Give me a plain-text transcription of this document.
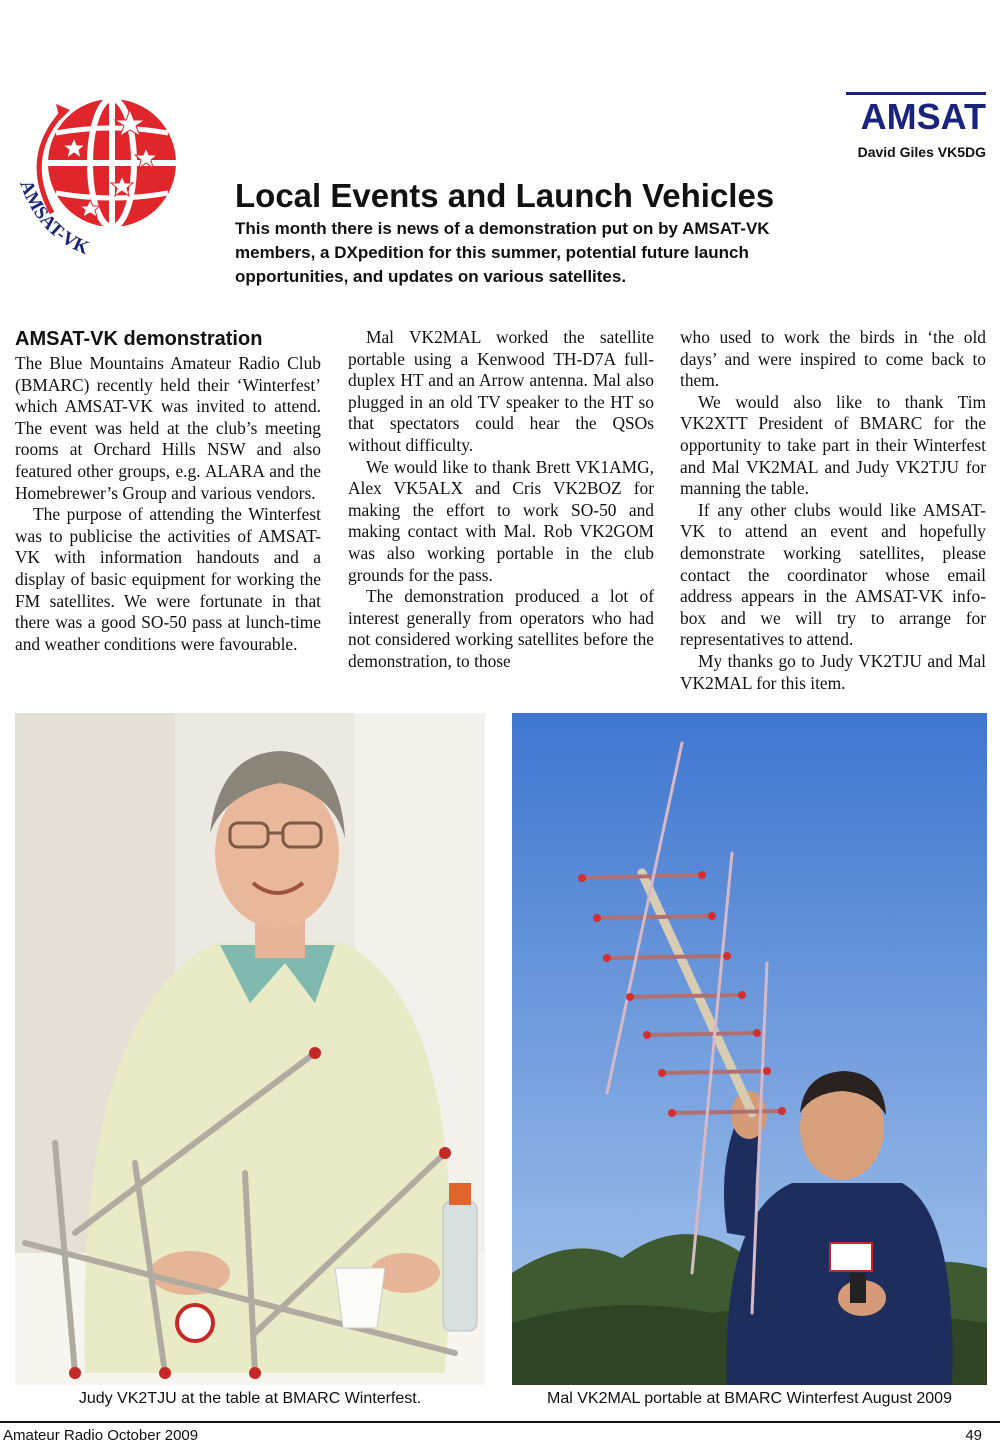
AMSAT-VK
AMSAT
David Giles VK5DG
Local Events and Launch Vehicles
This month there is news of a demonstration put on by AMSAT-VK members, a DXpedition for this summer, potential future launch opportunities, and updates on various satellites.
AMSAT-VK demonstration

The Blue Mountains Amateur Radio Club (BMARC) recently held their ‘Winterfest’ which AMSAT-VK was invited to attend. The event was held at the club’s meeting rooms at Orchard Hills NSW and also featured other groups, e.g. ALARA and the Homebrewer’s Group and various vendors.

The purpose of attending the Winterfest was to publicise the activities of AMSAT-VK with information handouts and a display of basic equipment for working the FM satellites. We were fortunate in that there was a good SO-50 pass at lunch-time and weather conditions were favourable.

Mal VK2MAL worked the satellite portable using a Kenwood TH-D7A full-duplex HT and an Arrow antenna. Mal also plugged in an old TV speaker to the HT so that spectators could hear the QSOs without difficulty.

We would like to thank Brett VK1AMG, Alex VK5ALX and Cris VK2BOZ for making the effort to work SO-50 and making contact with Mal. Rob VK2GOM was also working portable in the club grounds for the pass.

The demonstration produced a lot of interest generally from operators who had not considered working satellites before the demonstration, to those

who used to work the birds in ‘the old days’ and were inspired to come back to them.

We would also like to thank Tim VK2XTT President of BMARC for the opportunity to take part in their Winterfest and Mal VK2MAL and Judy VK2TJU for manning the table.

If any other clubs would like AMSAT-VK to attend an event and hopefully demonstrate working satellites, please contact the coordinator whose email address appears in the AMSAT-VK info-box and we will try to arrange for representatives to attend.

My thanks go to Judy VK2TJU and Mal VK2MAL for this item.

Judy VK2TJU at the table at BMARC Winterfest.	Mal VK2MAL portable at BMARC Winterfest August 2009
Amateur Radio October 2009	49
